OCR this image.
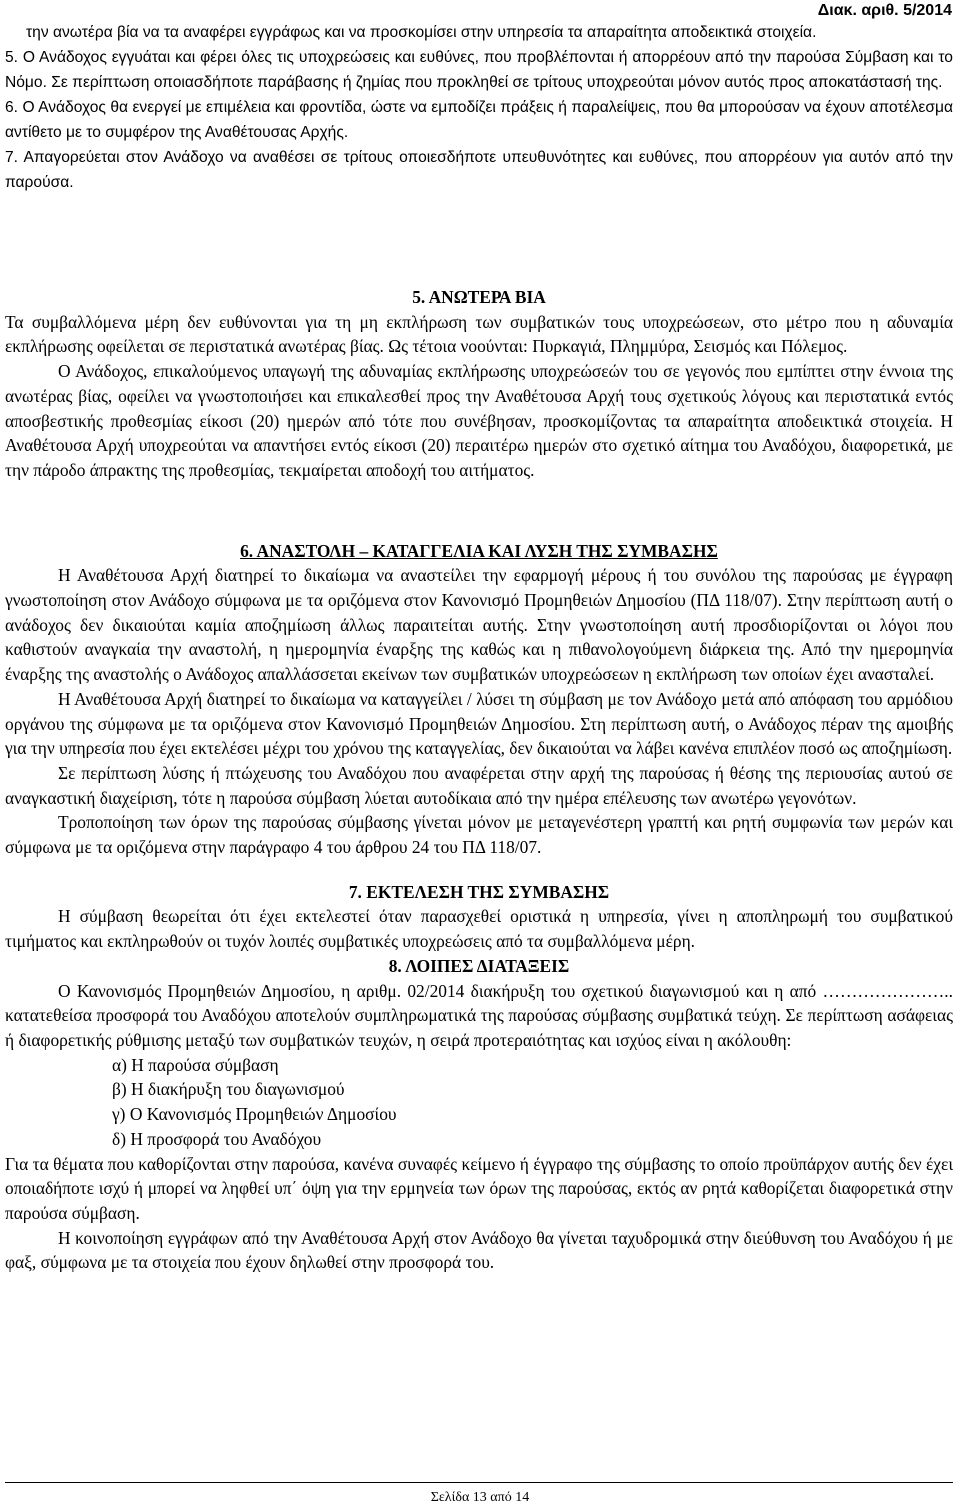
Διακ. αριθ. 5/2014

την ανωτέρα βία να τα αναφέρει εγγράφως και να προσκομίσει στην υπηρεσία τα απαραίτητα αποδεικτικά στοιχεία.

5. Ο Ανάδοχος εγγυάται και φέρει όλες τις υποχρεώσεις και ευθύνες, που προβλέπονται ή απορρέουν από την παρούσα Σύμβαση και το Νόμο. Σε περίπτωση οποιασδήποτε παράβασης ή ζημίας που προκληθεί σε τρίτους υποχρεούται μόνον αυτός προς αποκατάστασή της.

6. Ο Ανάδοχος θα ενεργεί με επιμέλεια και φροντίδα, ώστε να εμποδίζει πράξεις ή παραλείψεις, που θα μπορούσαν να έχουν αποτέλεσμα αντίθετο με το συμφέρον της Αναθέτουσας Αρχής.

7. Απαγορεύεται στον Ανάδοχο να αναθέσει σε τρίτους οποιεσδήποτε υπευθυνότητες και ευθύνες, που απορρέουν για αυτόν από την παρούσα.

5. ΑΝΩΤΕΡΑ ΒΙΑ

Τα συμβαλλόμενα μέρη δεν ευθύνονται για τη μη εκπλήρωση των συμβατικών τους υποχρεώσεων, στο μέτρο που η αδυναμία εκπλήρωσης οφείλεται σε περιστατικά ανωτέρας βίας. Ως τέτοια νοούνται: Πυρκαγιά, Πλημμύρα, Σεισμός και Πόλεμος.

Ο Ανάδοχος, επικαλούμενος υπαγωγή της αδυναμίας εκπλήρωσης υποχρεώσεών του σε γεγονός που εμπίπτει στην έννοια της ανωτέρας βίας, οφείλει να γνωστοποιήσει και επικαλεσθεί προς την Αναθέτουσα Αρχή τους σχετικούς λόγους και περιστατικά εντός αποσβεστικής προθεσμίας είκοσι (20) ημερών από τότε που συνέβησαν, προσκομίζοντας τα απαραίτητα αποδεικτικά στοιχεία. Η Αναθέτουσα Αρχή υποχρεούται να απαντήσει εντός είκοσι (20) περαιτέρω ημερών στο σχετικό αίτημα του Αναδόχου, διαφορετικά, με την πάροδο άπρακτης της προθεσμίας, τεκμαίρεται αποδοχή του αιτήματος.

6. ΑΝΑΣΤΟΛΗ – ΚΑΤΑΓΓΕΛΙΑ ΚΑΙ ΛΥΣΗ ΤΗΣ ΣΥΜΒΑΣΗΣ

Η Αναθέτουσα Αρχή διατηρεί το δικαίωμα να αναστείλει την εφαρμογή μέρους ή του συνόλου της παρούσας με έγγραφη γνωστοποίηση στον Ανάδοχο σύμφωνα με τα οριζόμενα στον Κανονισμό Προμηθειών Δημοσίου (ΠΔ 118/07). Στην περίπτωση αυτή ο ανάδοχος δεν δικαιούται καμία αποζημίωση άλλως παραιτείται αυτής. Στην γνωστοποίηση αυτή προσδιορίζονται οι λόγοι που καθιστούν αναγκαία την αναστολή, η ημερομηνία έναρξης της καθώς και η πιθανολογούμενη διάρκεια της. Από την ημερομηνία έναρξης της αναστολής ο Ανάδοχος απαλλάσσεται εκείνων των συμβατικών υποχρεώσεων η εκπλήρωση των οποίων έχει ανασταλεί.

Η Αναθέτουσα Αρχή διατηρεί το δικαίωμα να καταγγείλει / λύσει τη σύμβαση με τον Ανάδοχο μετά από απόφαση του αρμόδιου οργάνου της σύμφωνα με τα οριζόμενα στον Κανονισμό Προμηθειών Δημοσίου. Στη περίπτωση αυτή, ο Ανάδοχος πέραν της αμοιβής για την υπηρεσία που έχει εκτελέσει μέχρι του χρόνου της καταγγελίας, δεν δικαιούται να λάβει κανένα επιπλέον ποσό ως αποζημίωση.

Σε περίπτωση λύσης ή πτώχευσης του Αναδόχου που αναφέρεται στην αρχή της παρούσας ή θέσης της περιουσίας αυτού σε αναγκαστική διαχείριση, τότε η παρούσα σύμβαση λύεται αυτοδίκαια από την ημέρα επέλευσης των ανωτέρω γεγονότων.

Τροποποίηση των όρων της παρούσας σύμβασης γίνεται μόνον με μεταγενέστερη γραπτή και ρητή συμφωνία των μερών και σύμφωνα με τα οριζόμενα στην παράγραφο 4 του άρθρου 24 του ΠΔ 118/07.

7. ΕΚΤΕΛΕΣΗ ΤΗΣ ΣΥΜΒΑΣΗΣ

Η σύμβαση θεωρείται ότι έχει εκτελεστεί όταν παρασχεθεί οριστικά η υπηρεσία, γίνει η αποπληρωμή του συμβατικού τιμήματος και εκπληρωθούν οι τυχόν λοιπές συμβατικές υποχρεώσεις από τα συμβαλλόμενα μέρη.

8. ΛΟΙΠΕΣ ΔΙΑΤΑΞΕΙΣ

Ο Κανονισμός Προμηθειών Δημοσίου, η αριθμ. 02/2014 διακήρυξη του σχετικού διαγωνισμού και η από ………………….. κατατεθείσα προσφορά του Αναδόχου αποτελούν συμπληρωματικά της παρούσας σύμβασης συμβατικά τεύχη. Σε περίπτωση ασάφειας ή διαφορετικής ρύθμισης μεταξύ των συμβατικών τευχών, η σειρά προτεραιότητας και ισχύος είναι η ακόλουθη:

α) Η παρούσα σύμβαση
β) Η διακήρυξη του διαγωνισμού
γ) Ο Κανονισμός Προμηθειών Δημοσίου
δ) Η προσφορά του Αναδόχου

Για τα θέματα που καθορίζονται στην παρούσα, κανένα συναφές κείμενο ή έγγραφο της σύμβασης το οποίο προϋπάρχον αυτής δεν έχει οποιαδήποτε ισχύ ή μπορεί να ληφθεί υπ΄ όψη για την ερμηνεία των όρων της παρούσας, εκτός αν ρητά καθορίζεται διαφορετικά στην παρούσα σύμβαση.

Η κοινοποίηση εγγράφων από την Αναθέτουσα Αρχή στον Ανάδοχο θα γίνεται ταχυδρομικά στην διεύθυνση του Αναδόχου ή με φαξ, σύμφωνα με τα στοιχεία που έχουν δηλωθεί στην προσφορά του.

Σελίδα 13 από 14
